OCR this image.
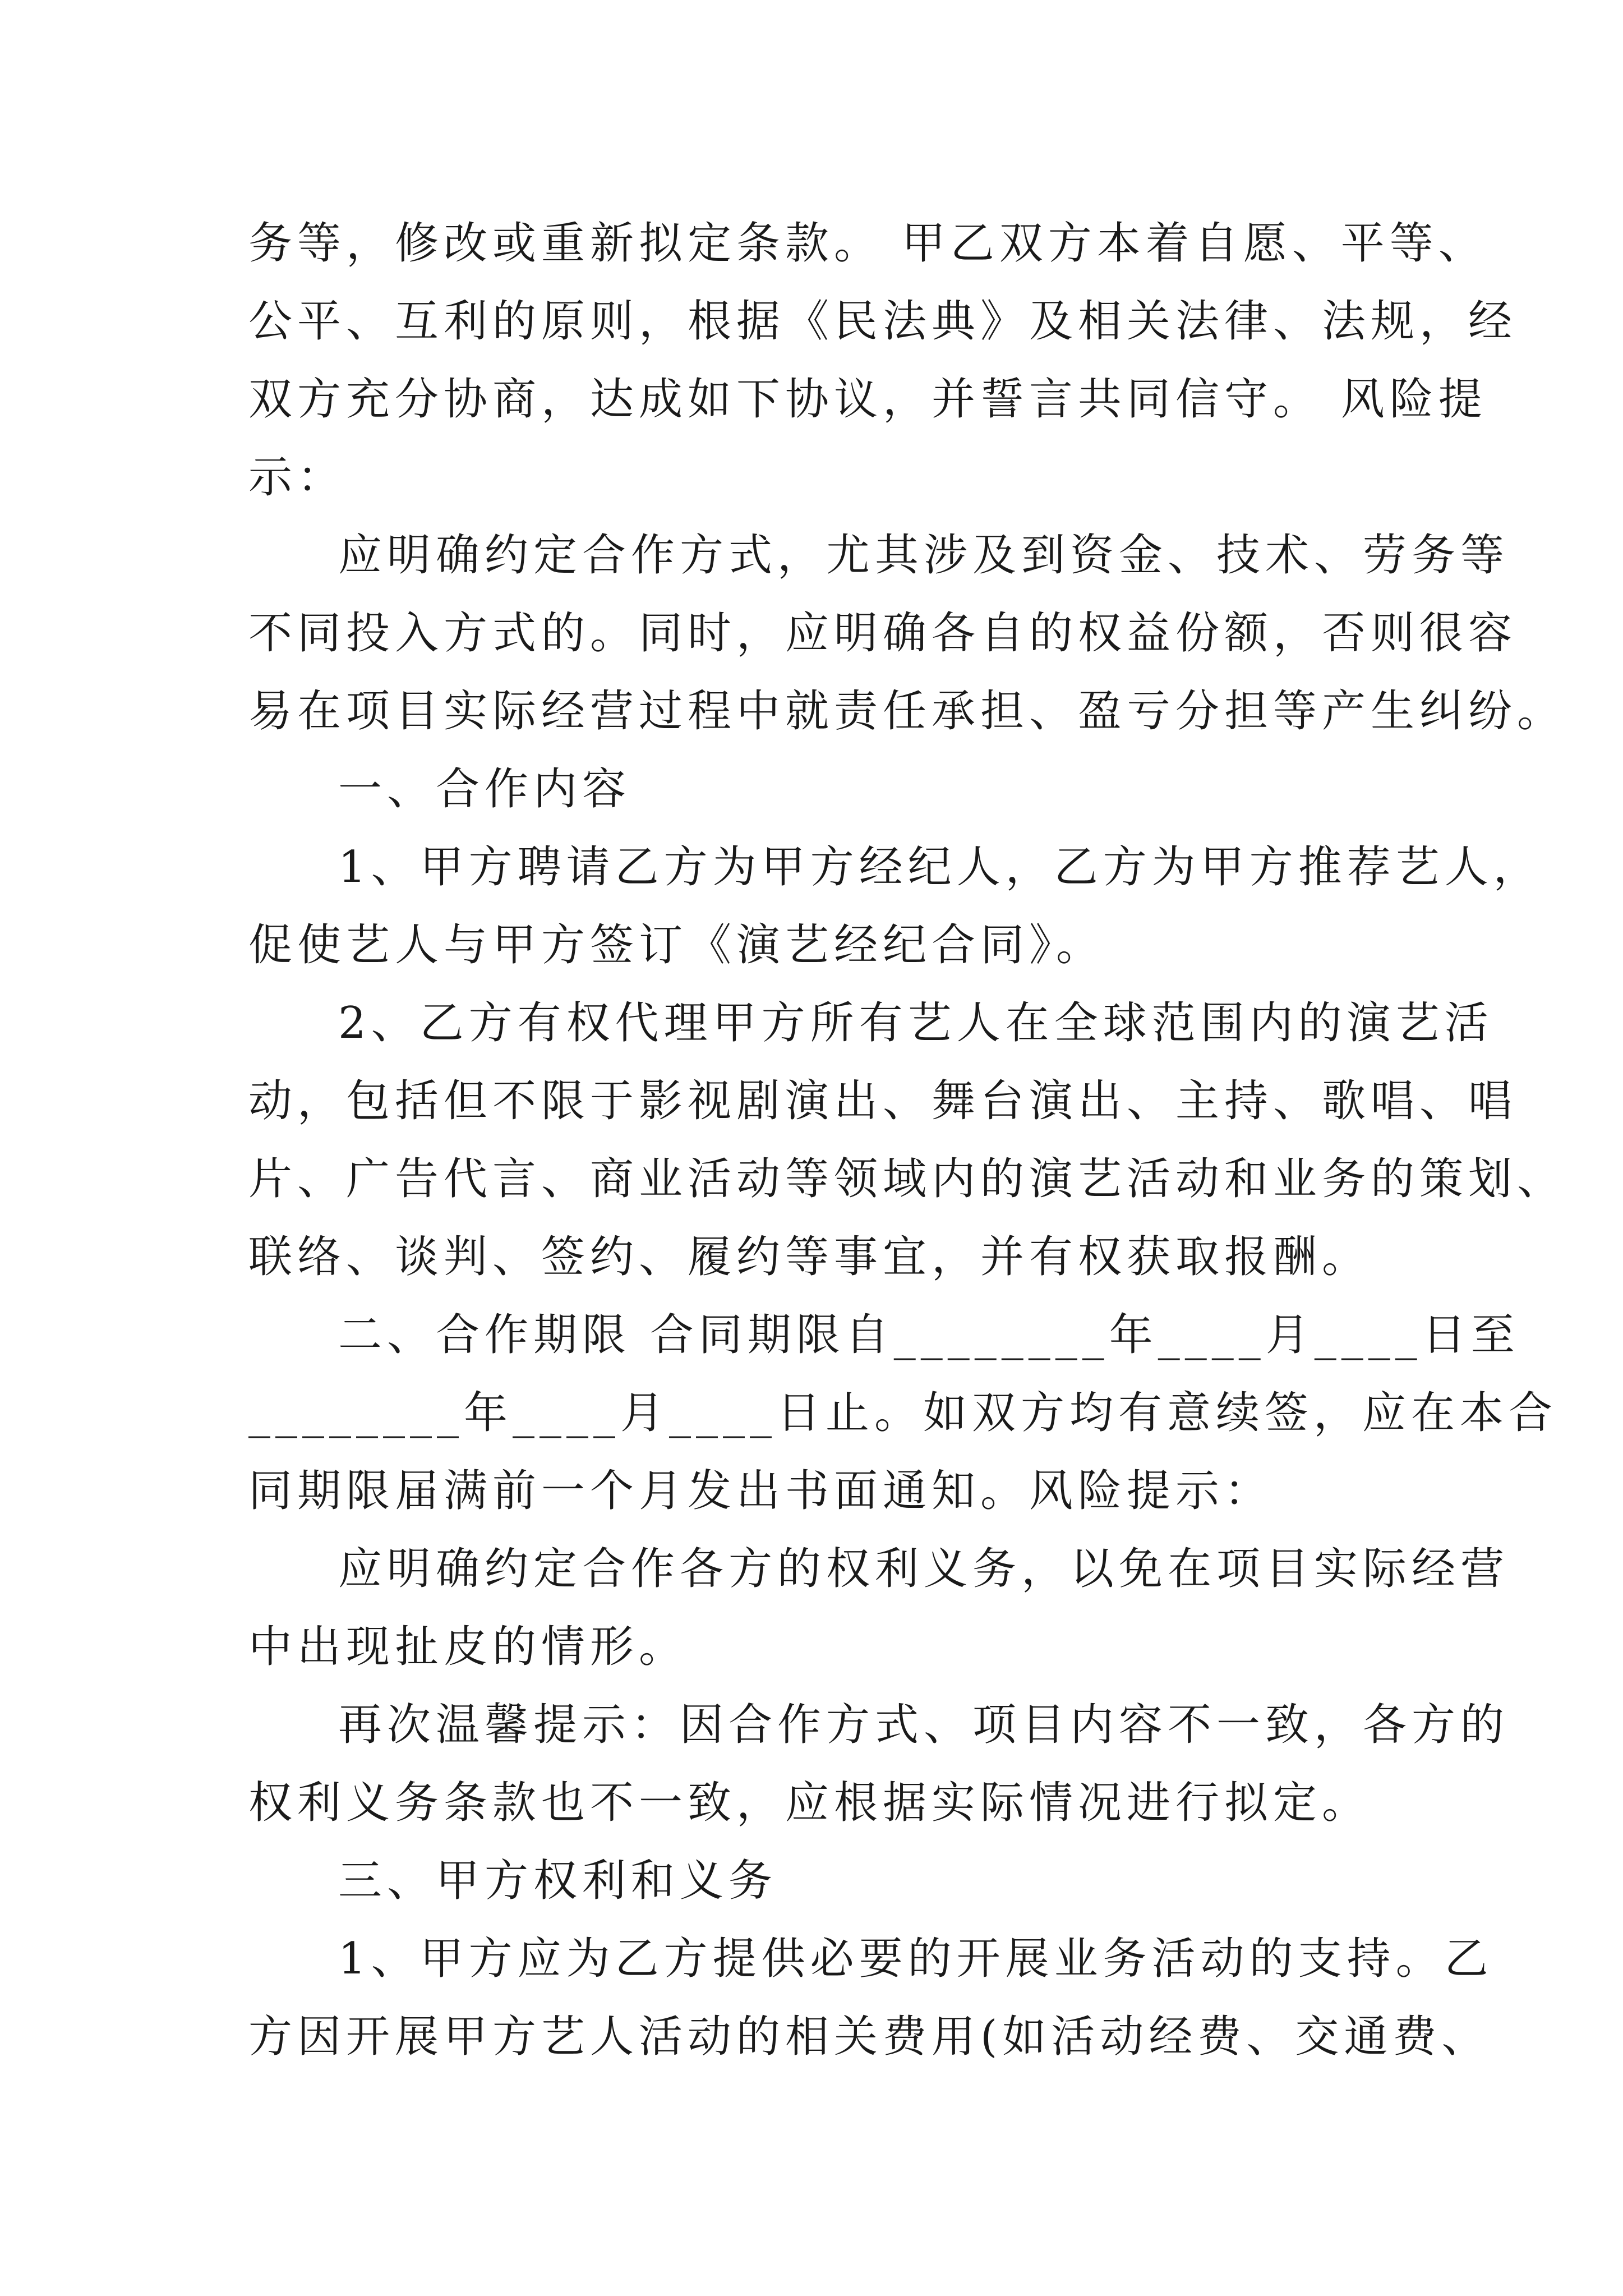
务等，修改或重新拟定条款。 甲乙双方本着自愿、平等、
公平、互利的原则，根据《民法典》及相关法律、法规，经
双方充分协商，达成如下协议，并誓言共同信守。 风险提
示：
应明确约定合作方式，尤其涉及到资金、技术、劳务等
不同投入方式的。同时，应明确各自的权益份额，否则很容
易在项目实际经营过程中就责任承担、盈亏分担等产生纠纷。
一、合作内容
1、甲方聘请乙方为甲方经纪人，乙方为甲方推荐艺人，
促使艺人与甲方签订《演艺经纪合同》。
2、乙方有权代理甲方所有艺人在全球范围内的演艺活
动，包括但不限于影视剧演出、舞台演出、主持、歌唱、唱
片、广告代言、商业活动等领域内的演艺活动和业务的策划、
联络、谈判、签约、履约等事宜，并有权获取报酬。
二、合作期限 合同期限自________年____月____日至
________年____月____日止。如双方均有意续签，应在本合
同期限届满前一个月发出书面通知。风险提示：
应明确约定合作各方的权利义务，以免在项目实际经营
中出现扯皮的情形。
再次温馨提示：因合作方式、项目内容不一致，各方的
权利义务条款也不一致，应根据实际情况进行拟定。
三、甲方权利和义务
1、甲方应为乙方提供必要的开展业务活动的支持。乙
方因开展甲方艺人活动的相关费用(如活动经费、交通费、
